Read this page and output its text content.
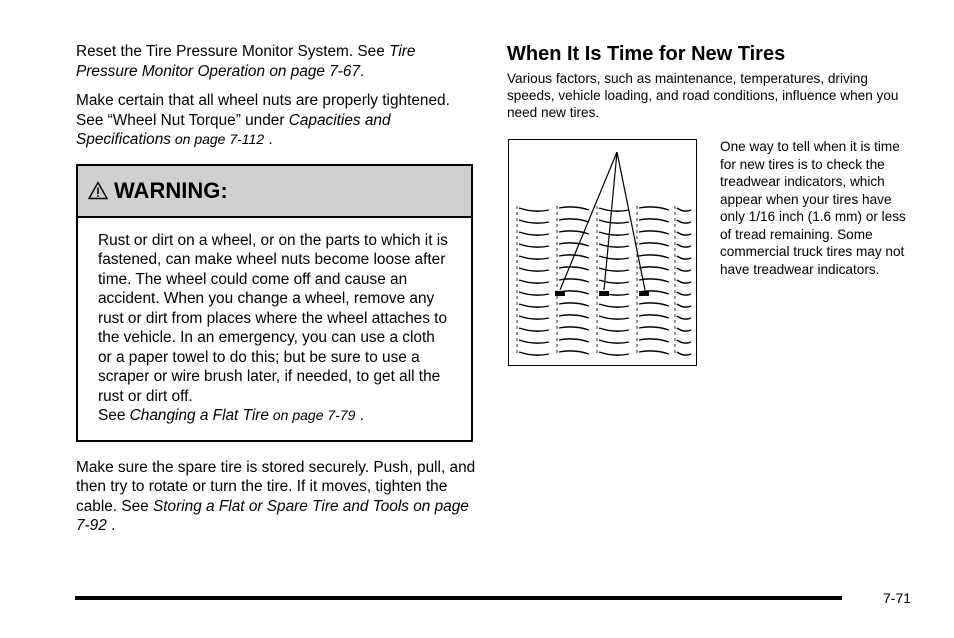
Reset the Tire Pressure Monitor System. See Tire Pressure Monitor Operation on page 7-67.

Make certain that all wheel nuts are properly tightened. See “Wheel Nut Torque” under Capacities and Specifications on page 7-112 .

WARNING:

Rust or dirt on a wheel, or on the parts to which it is fastened, can make wheel nuts become loose after time. The wheel could come off and cause an accident. When you change a wheel, remove any rust or dirt from places where the wheel attaches to the vehicle. In an emergency, you can use a cloth or a paper towel to do this; but be sure to use a scraper or wire brush later, if needed, to get all the rust or dirt off.
See Changing a Flat Tire on page 7-79 .

Make sure the spare tire is stored securely. Push, pull, and then try to rotate or turn the tire. If it moves, tighten the cable. See Storing a Flat or Spare Tire and Tools on page 7-92 .

When It Is Time for New Tires

Various factors, such as maintenance, temperatures, driving speeds, vehicle loading, and road conditions, influence when you need new tires.

One way to tell when it is time for new tires is to check the treadwear indicators, which appear when your tires have only 1/16 inch (1.6 mm) or less of tread remaining. Some commercial truck tires may not have treadwear indicators.
7-71
